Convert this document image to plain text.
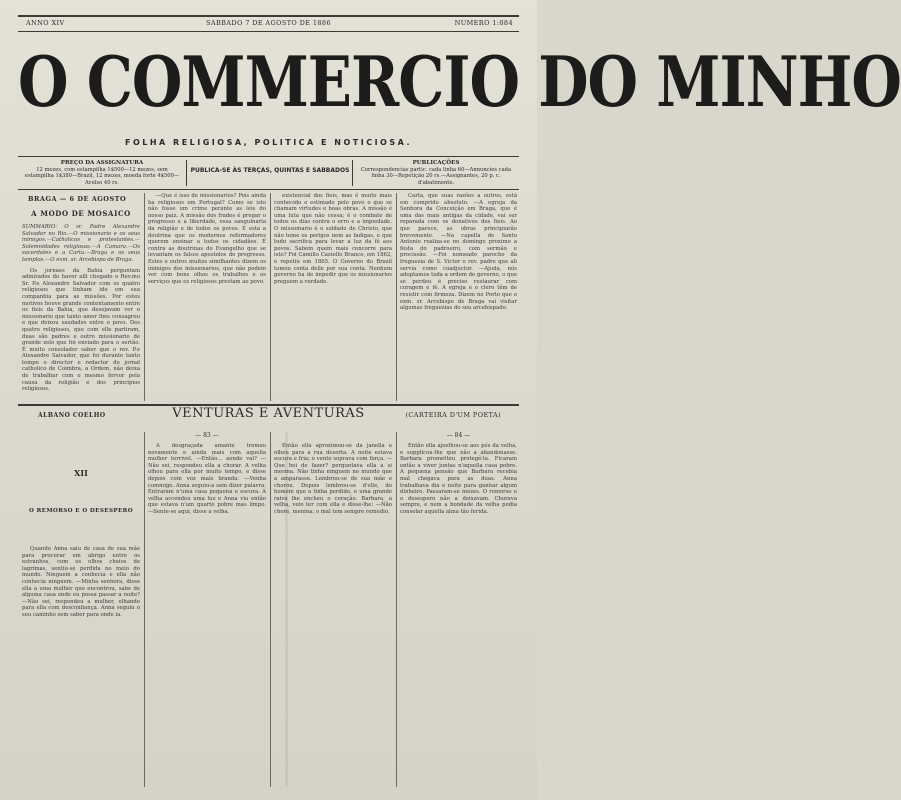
ANNO XIV	SABBADO 7 DE AGOSTO DE 1886	NUMERO 1:084
O COMMERCIO DO MINHO
FOLHA RELIGIOSA, POLITICA E NOTICIOSA.
PREÇO DA ASSIGNATURA
12 mezes, com estampilha 1$500—12 mezes, sem estampilha 1$380—Brazil, 12 mezes, moeda forte 4$500—Avulso 40 rs.
PUBLICA-SE ÀS TERÇAS, QUINTAS E SABBADOS
PUBLICAÇÕES
Correspondencias partic. cada linha 60—Annuncios cada linha 30—Repetição 20 rs.—Assignantes, 20 p. c. d'abatimento.
BRAGA — 6 DE AGOSTO
A MODO DE MOSAICO
SUMMARIO: O sr. Padre Alexandre Salvador no Rio.—O missionario e os seus inimigos.—Catholicos e protestantes.—Solemnidades religiosas.—A Camara.—Os sacerdotes e a Carta.—Braga e os seus templos.—O exm. sr. Arcebispo de Braga.

Os jornaes da Bahia perguntam admirados do haver alli chegado o Rev.mo Sr. P.e Alexandre Salvador com os quatro religiosos que tinham ido em sua companhia para as missões. Por estes motivos houve grande contentamento entre os fieis da Bahia, que desejavam ver o missionario que tanto amor lhes consagrou e que deixou saudades entre o povo. Des quatro religiosos, que com elle partiram, duas são padres e outro missionario de grande zelo que foi enviado para o sertão. É muito consolador saber que o rev. P.e Alexandre Salvador, que foi durante tanto tempo o director e redactor do jornal catholico de Coimbra, a Ordem, não deixa de trabalhar com o mesmo fervor pela causa da religião e dos principios religiosos.

—Que é isso de missionarios? Pois ainda ha religiosos em Portugal? Como se isto não fosse um crime perante as leis do nosso paiz. A missão dos frades é pregar o progresso e a liberdade, essa sanguinaria da religião e de todos os povos. É esta a doutrina que os modernos reformadores querem ensinar a todos os cidadãos. É contra as doutrinas do Evangelho que se levantam os falsos apostolos do progresso. Estes e outros muitos similhantes dizem os inimigos dos missionarios, que não podem ver com bons olhos os trabalhos e os serviços que os religiosos prestam ao povo.

existencial dos fieis, mas é muito mais conhecido e estimado pelo povo o que se chamam virtudes e boas obras. A missão é uma luta que não cessa; é o combate de todos os dias contra o erro e a impiedade. O missionario é o soldado de Christo, que não teme os perigos nem as fadigas, e que tudo sacrifica para levar a luz da fé aos povos. Sabem quem mais concorre para isto? Foi Camillo Castello Branco, em 1862, e repetiu em 1865. O Governo do Brazil tomou conta delle por sua conta. Nenhum governo ha de impedir que os missionarios preguem a verdade.

Carta, que suas razões a outros, está em comprido absoluto. —A egreja da Senhora da Conceição em Braga, que é uma das mais antigas da cidade, vai ser reparada com os donativos dos fieis. Ao que parece, as obras principiarão brevemente. —Na capella de Santo Antonio realiza-se no domingo proximo a festa do padroeiro, com sermão e procissão. —Foi nomeado parocho da freguezia de S. Victor o rev. padre que ali servia como coadjuctor. —Ajuda, nós adoptamos toda a ordem de governo, o que se perdeu é preciso restaurar com coragem e fé. A egreja e o clero têm de resistir com firmeza. Dizem no Porto que o exm. sr. Arcebispo de Braga vai visitar algumas freguezias do seu arcebispado.

ALBANO COELHO	VENTURAS E AVENTURAS	(CARTEIRA D'UM POETA)
XII
O REMORSO E O DESESPERO

Quando Anna saiu de casa de sua mãe para procurar um abrigo entre os estranhos, com os olhos cheios de lagrimas, sentiu-se perdida no meio do mundo. Ninguem a conhecia e ella não conhecia ninguem. —Minha senhora, disse ella a uma mulher que encontrou, sabe de alguma casa onde eu possa passar a noite? —Não sei, respondeu a mulher, olhando para ella com desconfiança. Anna seguiu o seu caminho sem saber para onde ia.

— 83 —

A desgraçada amante tremeu novamente e ainda mais com aquella mulher terrivel. —Então... aonde vai? —Não sei, respondeu ella a chorar. A velha olhou para ella por muito tempo, e disse depois com voz mais branda: —Venha commigo. Anna seguiu-a sem dizer palavra. Entraram n'uma casa pequena e escura. A velha accendeu uma luz e Anna viu então que estava n'um quarto pobre mas limpo. —Sente-se aqui, disse a velha.

Então ella aproximou-se da janella e olhou para a rua deserta. A noite estava escura e fria; o vento soprava com força. —Que hei de fazer? perguntava ella a si mesma. Não tinha ninguem no mundo que a amparasse. Lembrou-se de sua mãe e chorou. Depois lembrou-se d'elle, do homem que a tinha perdido, e uma grande raiva lhe encheu o coração. Barbara, a velha, veio ter com ella e disse-lhe: —Não chore, menina; o mal tem sempre remedio.

— 84 —

Então ella ajoelhou-se aos pés da velha, e supplicou-lhe que não a abandonasse. Barbara prometteu protegê-la. Ficaram então a viver juntas n'aquella casa pobre. A pequena pensão que Barbara recebia mal chegava para as duas. Anna trabalhava dia e noite para ganhar algum dinheiro. Passaram-se mezes. O remorso e o desespero não a deixavam. Chorava sempre, e nem a bondade da velha podia consolar aquella alma tão ferida.
